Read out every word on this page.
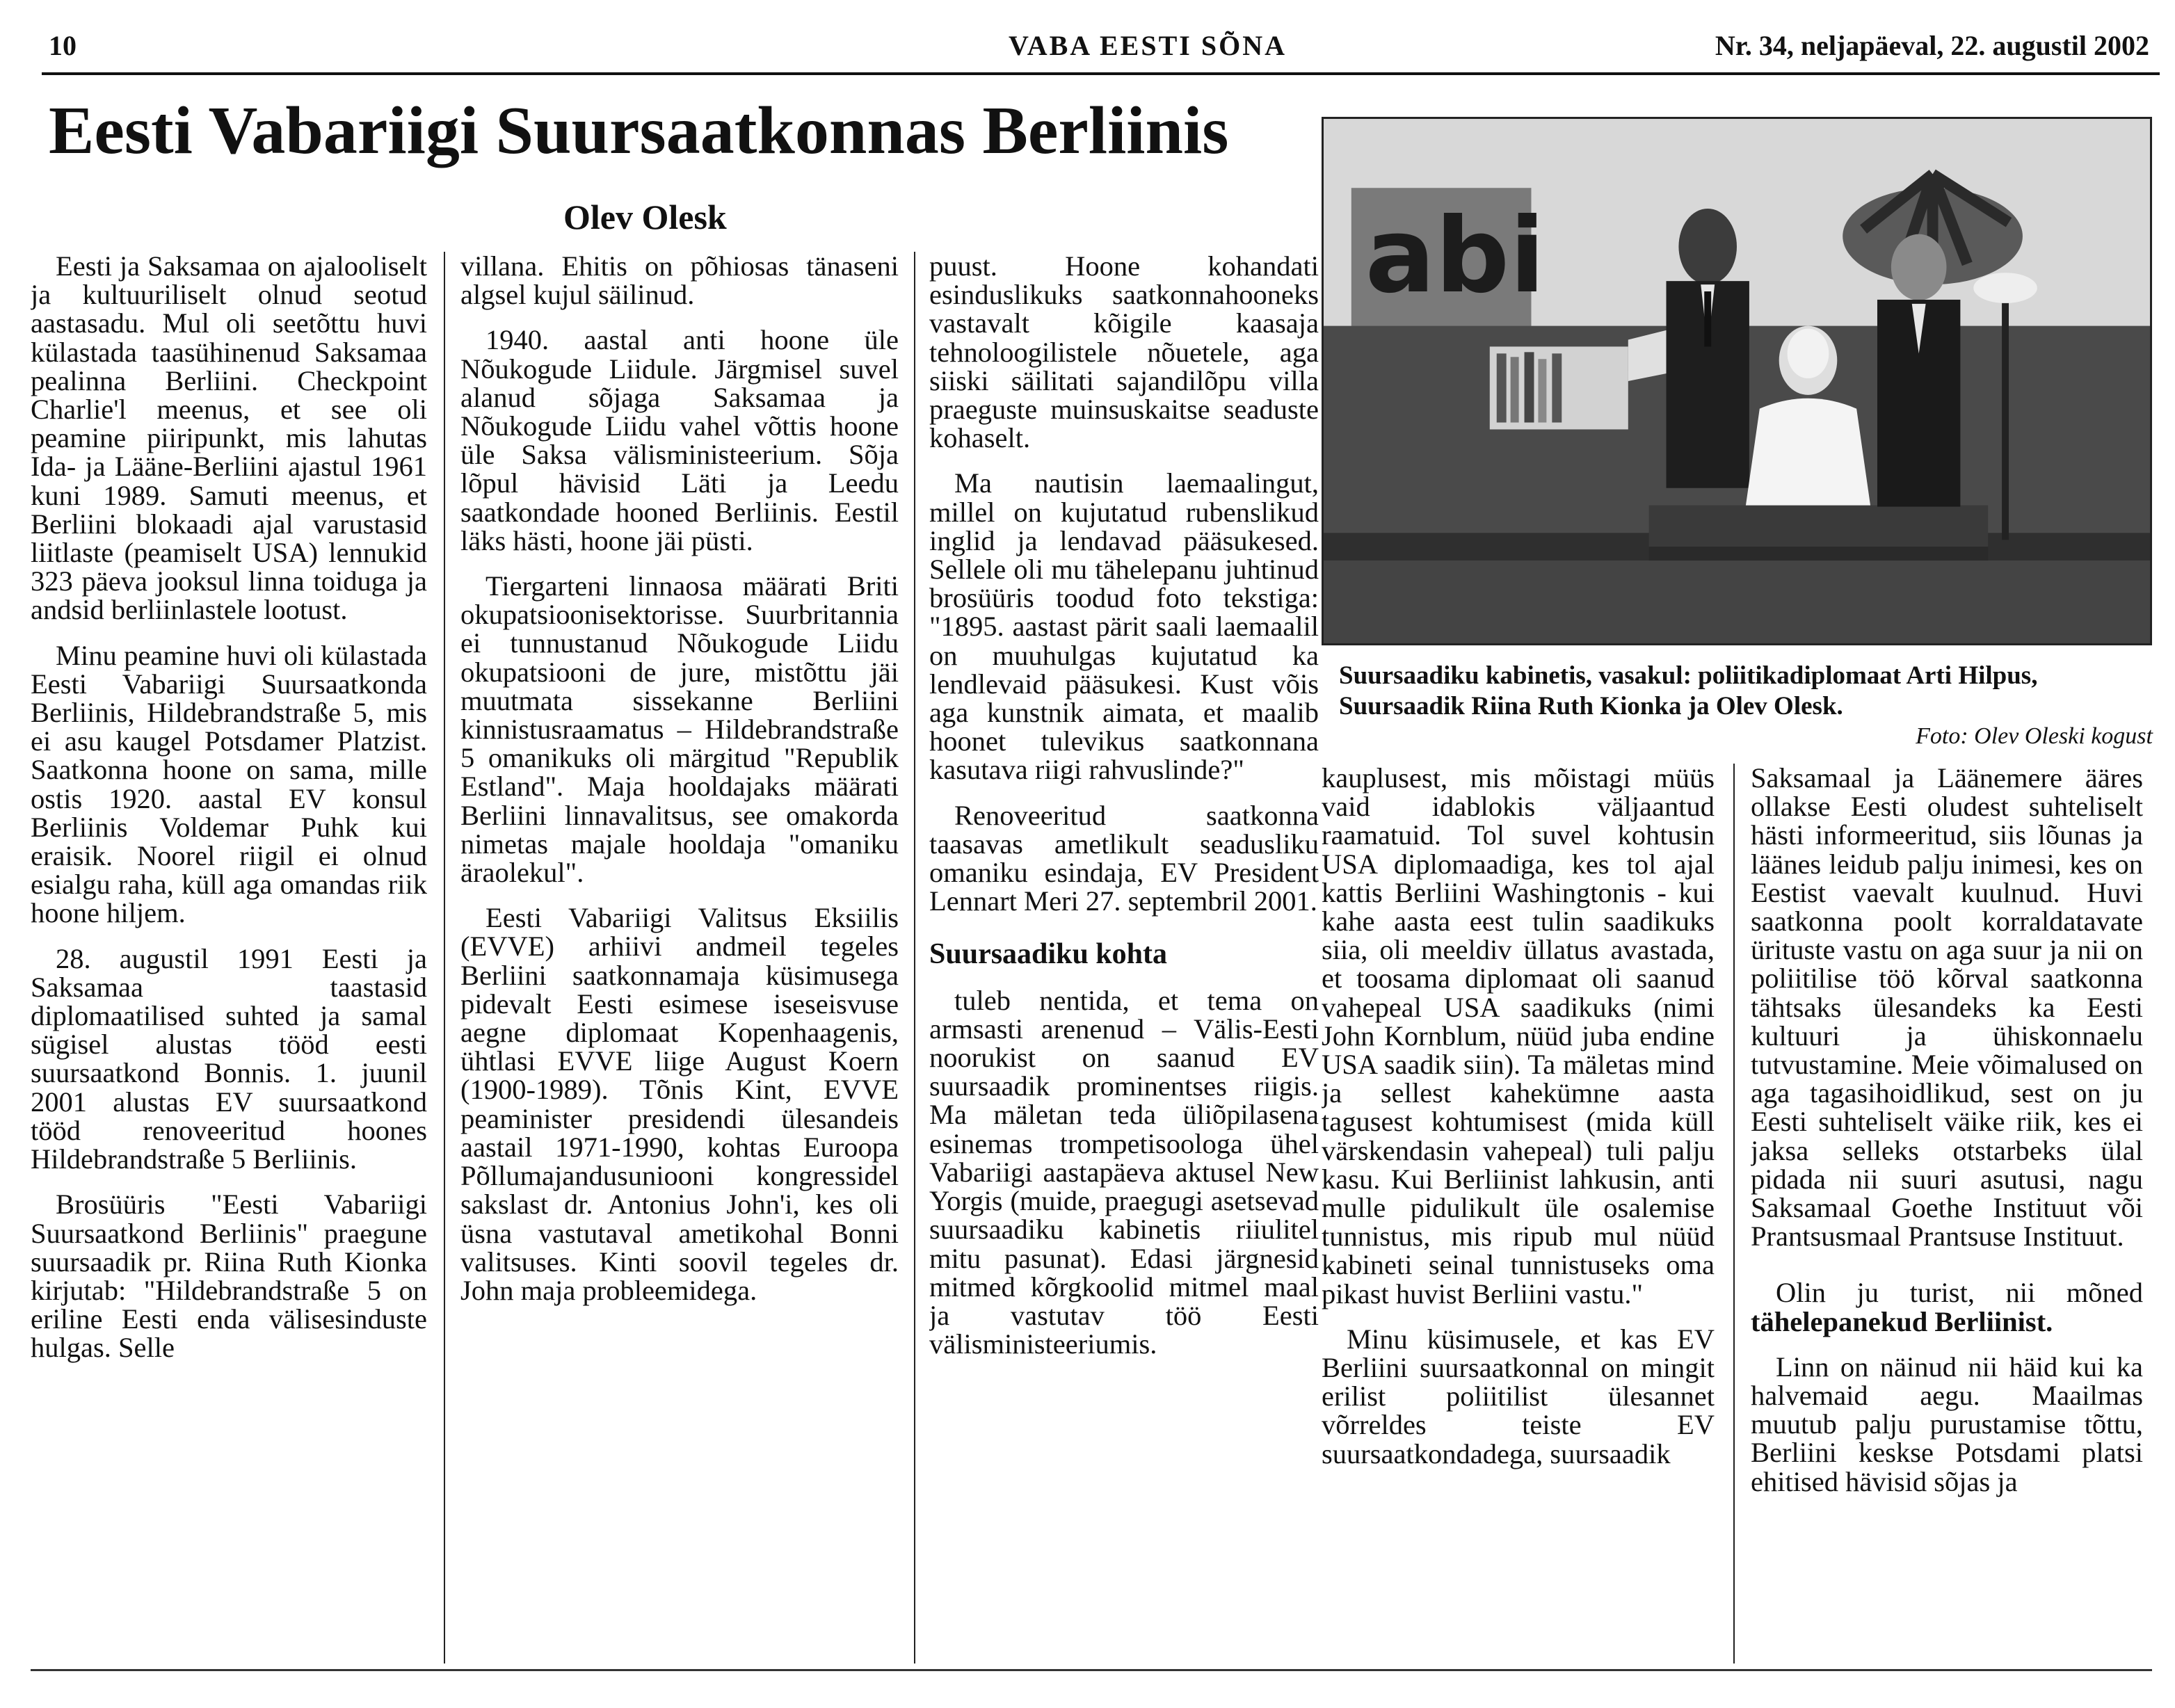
10	VABA EESTI SÕNA	Nr. 34, neljapäeval, 22. augustil 2002
Eesti Vabariigi Suursaatkonnas Berliinis
Olev Olesk

Eesti ja Saksamaa on ajalooliselt ja kultuuriliselt olnud seotud aastasadu. Mul oli seetõttu huvi külastada taasühinenud Saksamaa pealinna Berliini. Checkpoint Charlie'l meenus, et see oli peamine piiripunkt, mis lahutas Ida- ja Lääne-Berliini ajastul 1961 kuni 1989. Samuti meenus, et Berliini blokaadi ajal varustasid liitlaste (peamiselt USA) lennukid 323 päeva jooksul linna toiduga ja andsid berliinlastele lootust.

Minu peamine huvi oli külastada Eesti Vabariigi Suursaatkonda Berliinis, Hildebrandstraße 5, mis ei asu kaugel Potsdamer Platzist. Saatkonna hoone on sama, mille ostis 1920. aastal EV konsul Berliinis Voldemar Puhk kui eraisik. Noorel riigil ei olnud esialgu raha, küll aga omandas riik hoone hiljem.

28. augustil 1991 Eesti ja Saksamaa taastasid diplomaatilised suhted ja samal sügisel alustas tööd eesti suursaatkond Bonnis. 1. juunil 2001 alustas EV suursaatkond tööd renoveeritud hoones Hildebrandstraße 5 Berliinis.

Brosüüris "Eesti Vabariigi Suursaatkond Berliinis" praegune suursaadik pr. Riina Ruth Kionka kirjutab: "Hildebrandstraße 5 on eriline Eesti enda välisesinduste hulgas. Selle

villana. Ehitis on põhiosas tänaseni algsel kujul säilinud.

1940. aastal anti hoone üle Nõukogude Liidule. Järgmisel suvel alanud sõjaga Saksamaa ja Nõukogude Liidu vahel võttis hoone üle Saksa välisministeerium. Sõja lõpul hävisid Läti ja Leedu saatkondade hooned Berliinis. Eestil läks hästi, hoone jäi püsti.

Tiergarteni linnaosa määrati Briti okupatsioonisektorisse. Suurbritannia ei tunnustanud Nõukogude Liidu okupatsiooni de jure, mistõttu jäi muutmata sissekanne Berliini kinnistusraamatus – Hildebrandstraße 5 omanikuks oli märgitud "Republik Estland". Maja hooldajaks määrati Berliini linnavalitsus, see omakorda nimetas majale hooldaja "omaniku äraolekul".

Eesti Vabariigi Valitsus Eksiilis (EVVE) arhiivi andmeil tegeles Berliini saatkonnamaja küsimusega pidevalt Eesti esimese iseseisvuse aegne diplomaat Kopenhaagenis, ühtlasi EVVE liige August Koern (1900-1989). Tõnis Kint, EVVE peaminister presidendi ülesandeis aastail 1971-1990, kohtas Euroopa Põllumajandusuniooni kongressidel sakslast dr. Antonius John'i, kes oli üsna vastutaval ametikohal Bonni valitsuses. Kinti soovil tegeles dr. John maja probleemidega.

puust. Hoone kohandati esinduslikuks saatkonnahooneks vastavalt kõigile kaasaja tehnoloogilistele nõuetele, aga siiski säilitati sajandilõpu villa praeguste muinsuskaitse seaduste kohaselt.

Ma nautisin laemaalingut, millel on kujutatud rubenslikud inglid ja lendavad pääsukesed. Sellele oli mu tähelepanu juhtinud brosüüris toodud foto tekstiga: "1895. aastast pärit saali laemaalil on muuhulgas kujutatud ka lendlevaid pääsukesi. Kust võis aga kunstnik aimata, et maalib hoonet tulevikus saatkonnana kasutava riigi rahvuslinde?"

Renoveeritud saatkonna taasavas ametlikult seadusliku omaniku esindaja, EV President Lennart Meri 27. septembril 2001.

Suursaadiku kohta

tuleb nentida, et tema on armsasti arenenud – Välis-Eesti noorukist on saanud EV suursaadik prominentses riigis. Ma mäletan teda üliõpilasena esinemas trompetisoologa ühel Vabariigi aastapäeva aktusel New Yorgis (muide, praegugi asetsevad suursaadiku kabinetis riiulitel mitu pasunat). Edasi järgnesid mitmed kõrgkoolid mitmel maal ja vastutav töö Eesti välisministeeriumis.

abi
Suursaadiku kabinetis, vasakul: poliitikadiplomaat Arti Hilpus, Suursaadik Riina Ruth Kionka ja Olev Olesk.
Foto: Olev Oleski kogust

kauplusest, mis mõistagi müüs vaid idablokis väljaantud raamatuid. Tol suvel kohtusin USA diplomaadiga, kes tol ajal kattis Berliini Washingtonis - kui kahe aasta eest tulin saadikuks siia, oli meeldiv üllatus avastada, et toosama diplomaat oli saanud vahepeal USA saadikuks (nimi John Kornblum, nüüd juba endine USA saadik siin). Ta mäletas mind ja sellest kahekümne aasta tagusest kohtumisest (mida küll värskendasin vahepeal) tuli palju kasu. Kui Berliinist lahkusin, anti mulle pidulikult üle osalemise tunnistus, mis ripub mul nüüd kabineti seinal tunnistuseks oma pikast huvist Berliini vastu."

Minu küsimusele, et kas EV Berliini suursaatkonnal on mingit erilist poliitilist ülesannet võrreldes teiste EV suursaatkondadega, suursaadik

Saksamaal ja Läänemere ääres ollakse Eesti oludest suhteliselt hästi informeeritud, siis lõunas ja läänes leidub palju inimesi, kes on Eestist vaevalt kuulnud. Huvi saatkonna poolt korraldatavate ürituste vastu on aga suur ja nii on poliitilise töö kõrval saatkonna tähtsaks ülesandeks ka Eesti kultuuri ja ühiskonnaelu tutvustamine. Meie võimalused on aga tagasihoidlikud, sest on ju Eesti suhteliselt väike riik, kes ei jaksa selleks otstarbeks ülal pidada nii suuri asutusi, nagu Saksamaal Goethe Instituut või Prantsusmaal Prantsuse Instituut.

Olin ju turist, nii mõned tähelepanekud Berliinist.

Linn on näinud nii häid kui ka halvemaid aegu. Maailmas muutub palju purustamise tõttu, Berliini keskse Potsdami platsi ehitised hävisid sõjas ja
